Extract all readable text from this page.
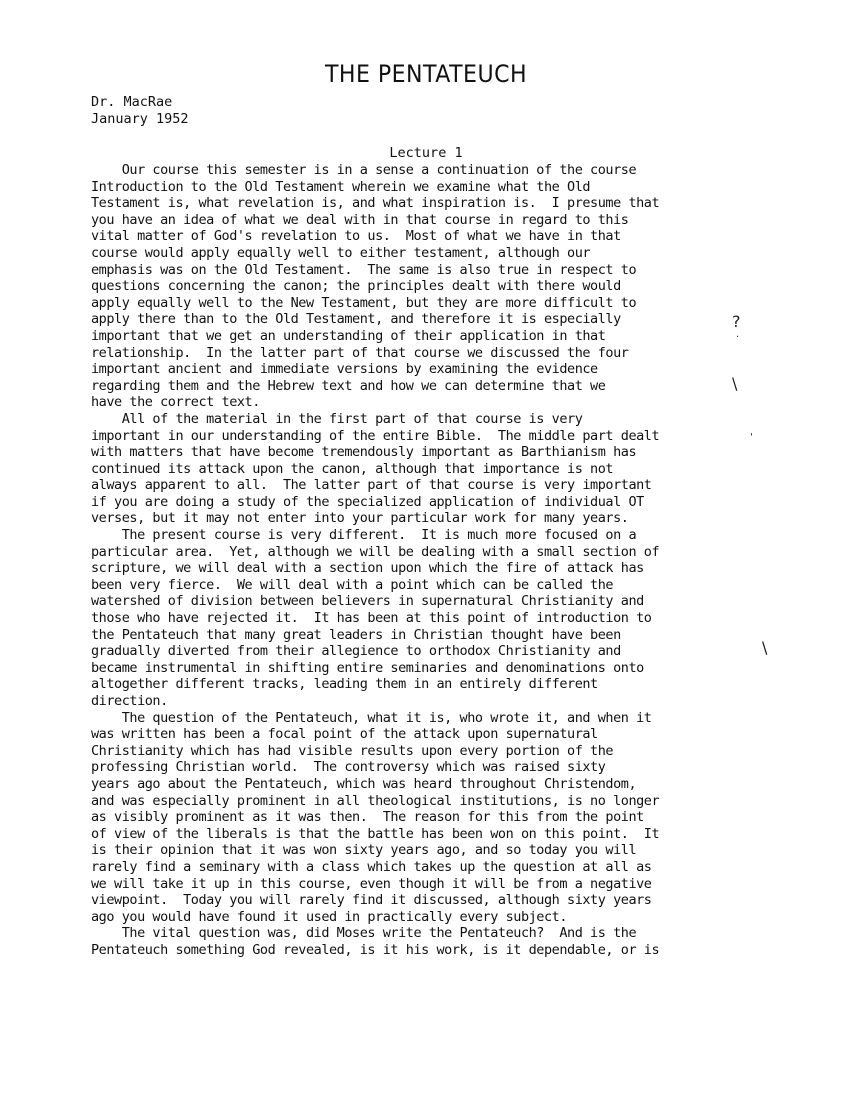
THE PENTATEUCH
Dr. MacRae
January 1952
Lecture 1
Our course this semester is in a sense a continuation of the course
Introduction to the Old Testament wherein we examine what the Old
Testament is, what revelation is, and what inspiration is.  I presume that
you have an idea of what we deal with in that course in regard to this
vital matter of God's revelation to us.  Most of what we have in that
course would apply equally well to either testament, although our
emphasis was on the Old Testament.  The same is also true in respect to
questions concerning the canon; the principles dealt with there would
apply equally well to the New Testament, but they are more difficult to
apply there than to the Old Testament, and therefore it is especially
important that we get an understanding of their application in that
relationship.  In the latter part of that course we discussed the four
important ancient and immediate versions by examining the evidence
regarding them and the Hebrew text and how we can determine that we
have the correct text.
All of the material in the first part of that course is very
important in our understanding of the entire Bible.  The middle part dealt
with matters that have become tremendously important as Barthianism has
continued its attack upon the canon, although that importance is not
always apparent to all.  The latter part of that course is very important
if you are doing a study of the specialized application of individual OT
verses, but it may not enter into your particular work for many years.
The present course is very different.  It is much more focused on a
particular area.  Yet, although we will be dealing with a small section of
scripture, we will deal with a section upon which the fire of attack has
been very fierce.  We will deal with a point which can be called the
watershed of division between believers in supernatural Christianity and
those who have rejected it.  It has been at this point of introduction to
the Pentateuch that many great leaders in Christian thought have been
gradually diverted from their allegience to orthodox Christianity and
became instrumental in shifting entire seminaries and denominations onto
altogether different tracks, leading them in an entirely different
direction.
The question of the Pentateuch, what it is, who wrote it, and when it
was written has been a focal point of the attack upon supernatural
Christianity which has had visible results upon every portion of the
professing Christian world.  The controversy which was raised sixty
years ago about the Pentateuch, which was heard throughout Christendom,
and was especially prominent in all theological institutions, is no longer
as visibly prominent as it was then.  The reason for this from the point
of view of the liberals is that the battle has been won on this point.  It
is their opinion that it was won sixty years ago, and so today you will
rarely find a seminary with a class which takes up the question at all as
we will take it up in this course, even though it will be from a negative
viewpoint.  Today you will rarely find it discussed, although sixty years
ago you would have found it used in practically every subject.
The vital question was, did Moses write the Pentateuch?  And is the
Pentateuch something God revealed, is it his work, is it dependable, or is
?
·
\
'
\
